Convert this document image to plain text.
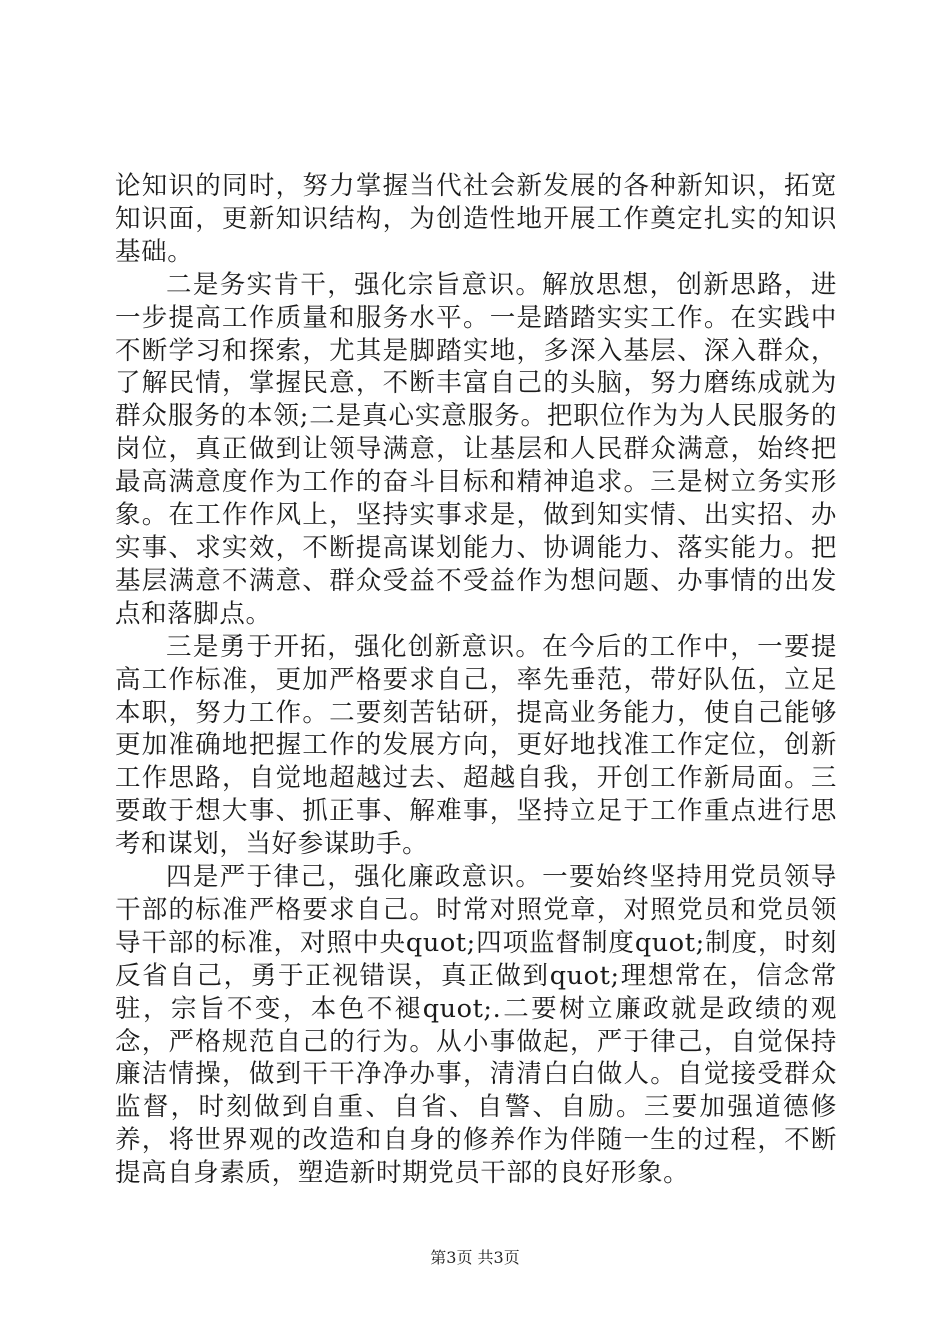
论知识的同时，努力掌握当代社会新发展的各种新知识，拓宽知识面，更新知识结构，为创造性地开展工作奠定扎实的知识基础。

二是务实肯干，强化宗旨意识。解放思想，创新思路，进一步提高工作质量和服务水平。一是踏踏实实工作。在实践中不断学习和探索，尤其是脚踏实地，多深入基层、深入群众，了解民情，掌握民意，不断丰富自己的头脑，努力磨练成就为群众服务的本领;二是真心实意服务。把职位作为为人民服务的岗位，真正做到让领导满意，让基层和人民群众满意，始终把最高满意度作为工作的奋斗目标和精神追求。三是树立务实形象。在工作作风上，坚持实事求是，做到知实情、出实招、办实事、求实效，不断提高谋划能力、协调能力、落实能力。把基层满意不满意、群众受益不受益作为想问题、办事情的出发点和落脚点。

三是勇于开拓，强化创新意识。在今后的工作中，一要提高工作标准，更加严格要求自己，率先垂范，带好队伍，立足本职，努力工作。二要刻苦钻研，提高业务能力，使自己能够更加准确地把握工作的发展方向，更好地找准工作定位，创新工作思路，自觉地超越过去、超越自我，开创工作新局面。三要敢于想大事、抓正事、解难事，坚持立足于工作重点进行思考和谋划，当好参谋助手。

四是严于律己，强化廉政意识。一要始终坚持用党员领导干部的标准严格要求自己。时常对照党章，对照党员和党员领导干部的标准，对照中央quot;四项监督制度quot;制度，时刻反省自己，勇于正视错误，真正做到quot;理想常在，信念常驻，宗旨不变，本色不褪quot;.二要树立廉政就是政绩的观念，严格规范自己的行为。从小事做起，严于律己，自觉保持廉洁情操，做到干干净净办事，清清白白做人。自觉接受群众监督，时刻做到自重、自省、自警、自励。三要加强道德修养，将世界观的改造和自身的修养作为伴随一生的过程，不断提高自身素质，塑造新时期党员干部的良好形象。

第3页 共3页
